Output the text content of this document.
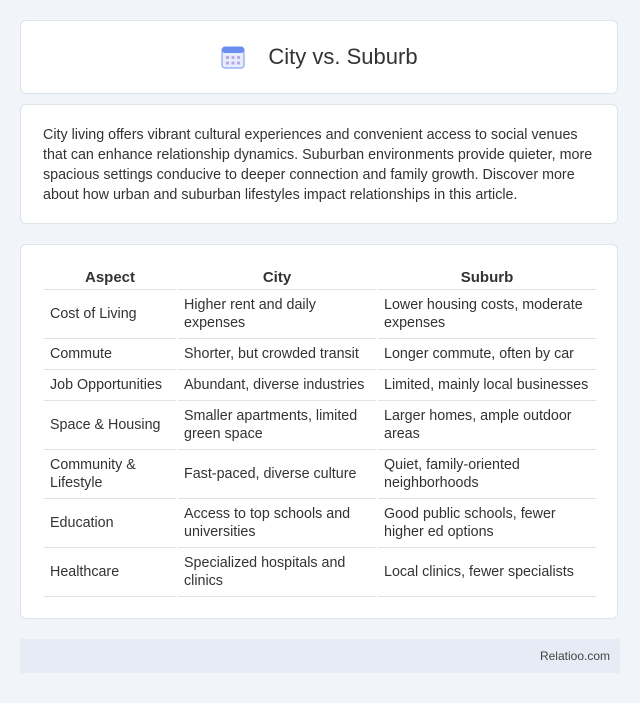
City vs. Suburb

City living offers vibrant cultural experiences and convenient access to social venues that can enhance relationship dynamics. Suburban environments provide quieter, more spacious settings conducive to deeper connection and family growth. Discover more about how urban and suburban lifestyles impact relationships in this article.

Aspect	City	Suburb
Cost of Living	Higher rent and daily expenses	Lower housing costs, moderate expenses
Commute	Shorter, but crowded transit	Longer commute, often by car
Job Opportunities	Abundant, diverse industries	Limited, mainly local businesses
Space & Housing	Smaller apartments, limited green space	Larger homes, ample outdoor areas
Community & Lifestyle	Fast-paced, diverse culture	Quiet, family-oriented neighborhoods
Education	Access to top schools and universities	Good public schools, fewer higher ed options
Healthcare	Specialized hospitals and clinics	Local clinics, fewer specialists
Relatioo.com
